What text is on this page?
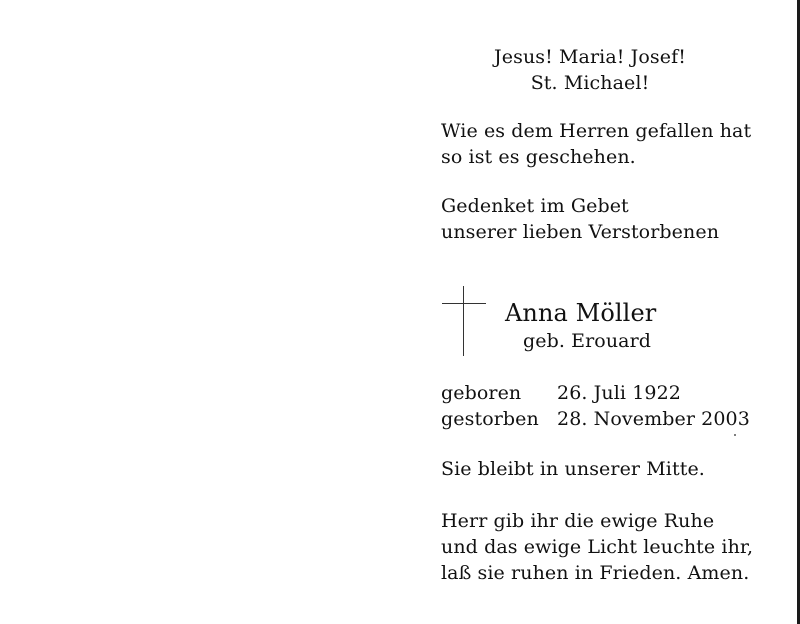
Jesus! Maria! Josef!
St. Michael!
Wie es dem Herren gefallen hat
so ist es geschehen.
Gedenket im Gebet
unserer lieben Verstorbenen
Anna Möller
geb. Erouard
geboren 26. Juli 1922
gestorben 28. November 2003
Sie bleibt in unserer Mitte.
Herr gib ihr die ewige Ruhe
und das ewige Licht leuchte ihr,
laß sie ruhen in Frieden. Amen.
